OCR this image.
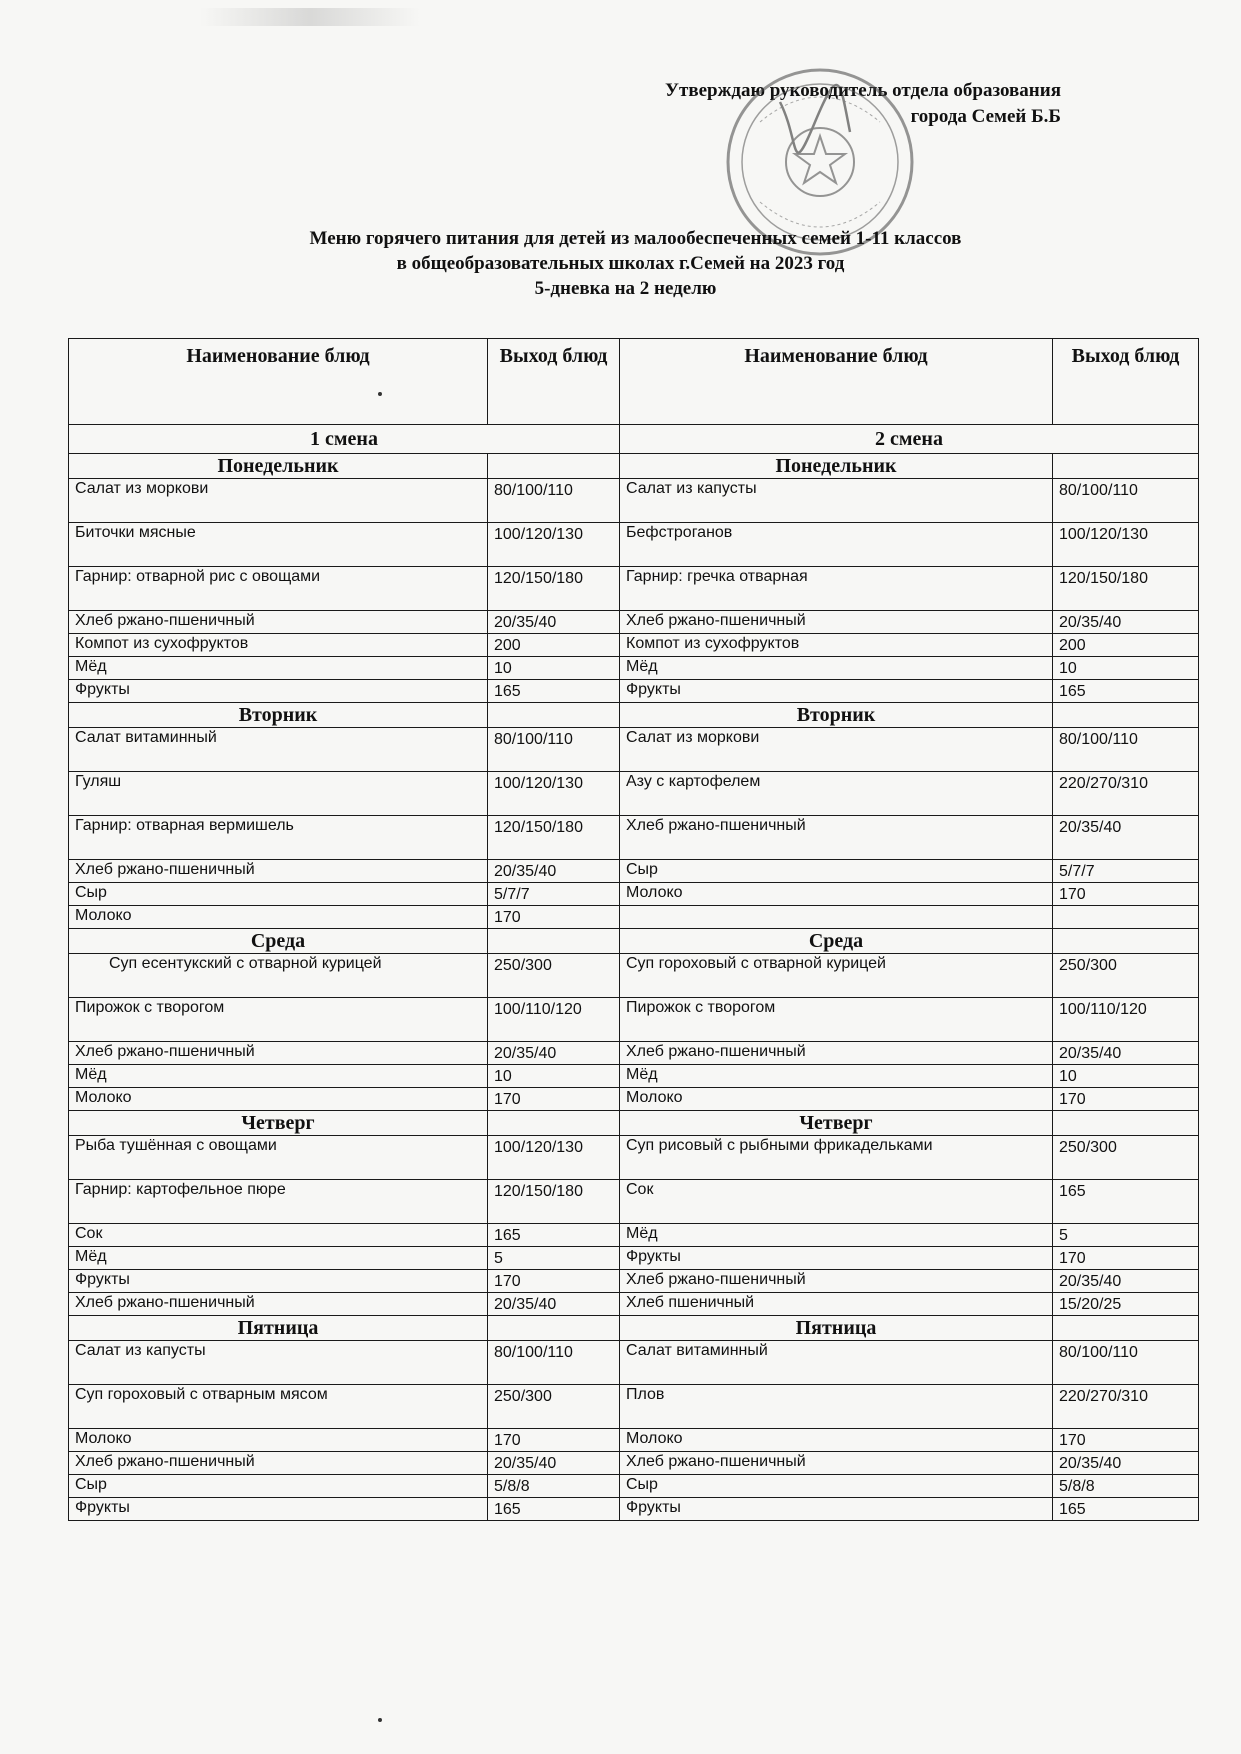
Утверждаю руководитель отдела образования
города Семей Б.Б
Меню горячего питания для детей из малообеспеченных семей 1-11 классов
в общеобразовательных школах г.Семей на 2023 год
5-дневка на 2 неделю
Наименование блюд	Выход блюд	Наименование блюд	Выход блюд
1 смена		2 смена	
Понедельник		Понедельник	
Салат из моркови	80/100/110	Салат из капусты	80/100/110
Биточки мясные	100/120/130	Бефстроганов	100/120/130
Гарнир: отварной рис с овощами	120/150/180	Гарнир: гречка отварная	120/150/180
Хлеб ржано-пшеничный	20/35/40	Хлеб ржано-пшеничный	20/35/40
Компот из сухофруктов	200	Компот из сухофруктов	200
Мёд	10	Мёд	10
Фрукты	165	Фрукты	165
Вторник		Вторник	
Салат витаминный	80/100/110	Салат из моркови	80/100/110
Гуляш	100/120/130	Азу с картофелем	220/270/310
Гарнир: отварная вермишель	120/150/180	Хлеб ржано-пшеничный	20/35/40
Хлеб ржано-пшеничный	20/35/40	Сыр	5/7/7
Сыр	5/7/7	Молоко	170
Молоко	170		
Среда		Среда	
Суп есентукский с отварной курицей	250/300	Суп гороховый с отварной курицей	250/300
Пирожок с творогом	100/110/120	Пирожок с творогом	100/110/120
Хлеб ржано-пшеничный	20/35/40	Хлеб ржано-пшеничный	20/35/40
Мёд	10	Мёд	10
Молоко	170	Молоко	170
Четверг		Четверг	
Рыба тушённая с овощами	100/120/130	Суп рисовый с рыбными фрикадельками	250/300
Гарнир: картофельное пюре	120/150/180	Сок	165
Сок	165	Мёд	5
Мёд	5	Фрукты	170
Фрукты	170	Хлеб ржано-пшеничный	20/35/40
Хлеб ржано-пшеничный	20/35/40	Хлеб пшеничный	15/20/25
Пятница		Пятница	
Салат из капусты	80/100/110	Салат витаминный	80/100/110
Суп гороховый с отварным мясом	250/300	Плов	220/270/310
Молоко	170	Молоко	170
Хлеб ржано-пшеничный	20/35/40	Хлеб ржано-пшеничный	20/35/40
Сыр	5/8/8	Сыр	5/8/8
Фрукты	165	Фрукты	165
